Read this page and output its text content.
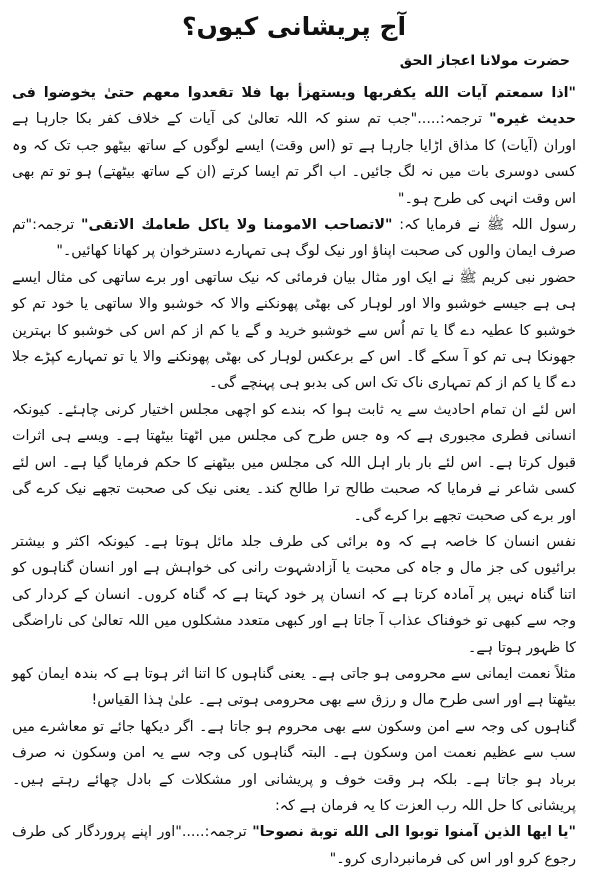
آج پریشانی کیوں؟
حضرت مولانا اعجاز الحق

"اذا سمعتم آيات الله يكفربها ويستهزأ بها فلا تقعدوا معهم حتىٰ يخوضوا فى حديث غيره" ترجمہ:....."جب تم سنو کہ اللہ تعالیٰ کی آیات کے خلاف کفر بکا جارہا ہے اوران (آیات) کا مذاق اڑایا جارہا ہے تو (اس وقت) ایسے لوگوں کے ساتھ بیٹھو جب تک کہ وہ کسی دوسری بات میں نہ لگ جائیں۔ اب اگر تم ایسا کرتے (ان کے ساتھ بیٹھتے) ہو تو تم بھی اس وقت انہی کی طرح ہو۔"

رسول اللہ ﷺ نے فرمایا کہ: "لاتصاحب الامومنا ولا ياكل طعامك الاتقى" ترجمہ:"تم صرف ایمان والوں کی صحبت اپناؤ اور نیک لوگ ہی تمہارے دسترخوان پر کھانا کھائیں۔"

حضور نبی کریم ﷺ نے ایک اور مثال بیان فرمائی کہ نیک ساتھی اور برے ساتھی کی مثال ایسے ہی ہے جیسے خوشبو والا اور لوہار کی بھٹی پھونکنے والا کہ خوشبو والا ساتھی یا خود تم کو خوشبو کا عطیہ دے گا یا تم اُس سے خوشبو خرید و گے یا کم از کم اس کی خوشبو کا بہترین جھونکا ہی تم کو آ سکے گا۔ اس کے برعکس لوہار کی بھٹی پھونکنے والا یا تو تمہارے کپڑے جلا دے گا یا کم از کم تمہاری ناک تک اس کی بدبو ہی پہنچے گی۔

اس لئے ان تمام احادیث سے یہ ثابت ہوا کہ بندے کو اچھی مجلس اختیار کرنی چاہئے۔ کیونکہ انسانی فطری مجبوری ہے کہ وہ جس طرح کی مجلس میں اٹھتا بیٹھتا ہے۔ ویسے ہی اثرات قبول کرتا ہے۔ اس لئے بار بار اہل اللہ کی مجلس میں بیٹھنے کا حکم فرمایا گیا ہے۔ اس لئے کسی شاعر نے فرمایا کہ صحبت طالح ترا طالح کند۔ یعنی نیک کی صحبت تجھے نیک کرے گی اور برے کی صحبت تجھے برا کرے گی۔

نفس انسان کا خاصہ ہے کہ وہ برائی کی طرف جلد مائل ہوتا ہے۔ کیونکہ اکثر و بیشتر برائیوں کی جز مال و جاہ کی محبت یا آزادشہوت رانی کی خواہش ہے اور انسان گناہوں کو اتنا گناہ نہیں پر آمادہ کرتا ہے کہ انسان پر خود کہتا ہے کہ گناہ کروں۔ انسان کے کردار کی وجہ سے کبھی تو خوفناک عذاب آ جاتا ہے اور کبھی متعدد مشکلوں میں اللہ تعالیٰ کی ناراضگی کا ظہور ہوتا ہے۔

مثلاً نعمت ایمانی سے محرومی ہو جاتی ہے۔ یعنی گناہوں کا اتنا اثر ہوتا ہے کہ بندہ ایمان کھو بیٹھتا ہے اور اسی طرح مال و رزق سے بھی محرومی ہوتی ہے۔ علیٰ ہٰذا القیاس!

گناہوں کی وجہ سے امن وسکون سے بھی محروم ہو جاتا ہے۔ اگر دیکھا جائے تو معاشرے میں سب سے عظیم نعمت امن وسکون ہے۔ البتہ گناہوں کی وجہ سے یہ امن وسکون نہ صرف برباد ہو جاتا ہے۔ بلکہ ہر وقت خوف و پریشانی اور مشکلات کے بادل چھائے رہتے ہیں۔ پریشانی کا حل اللہ رب العزت کا یہ فرمان ہے کہ:

"يا ايها الذين آمنوا توبوا الى الله توبة نصوحا" ترجمہ:....."اور اپنے پروردگار کی طرف رجوع کرو اور اس کی فرمانبرداری کرو۔"
